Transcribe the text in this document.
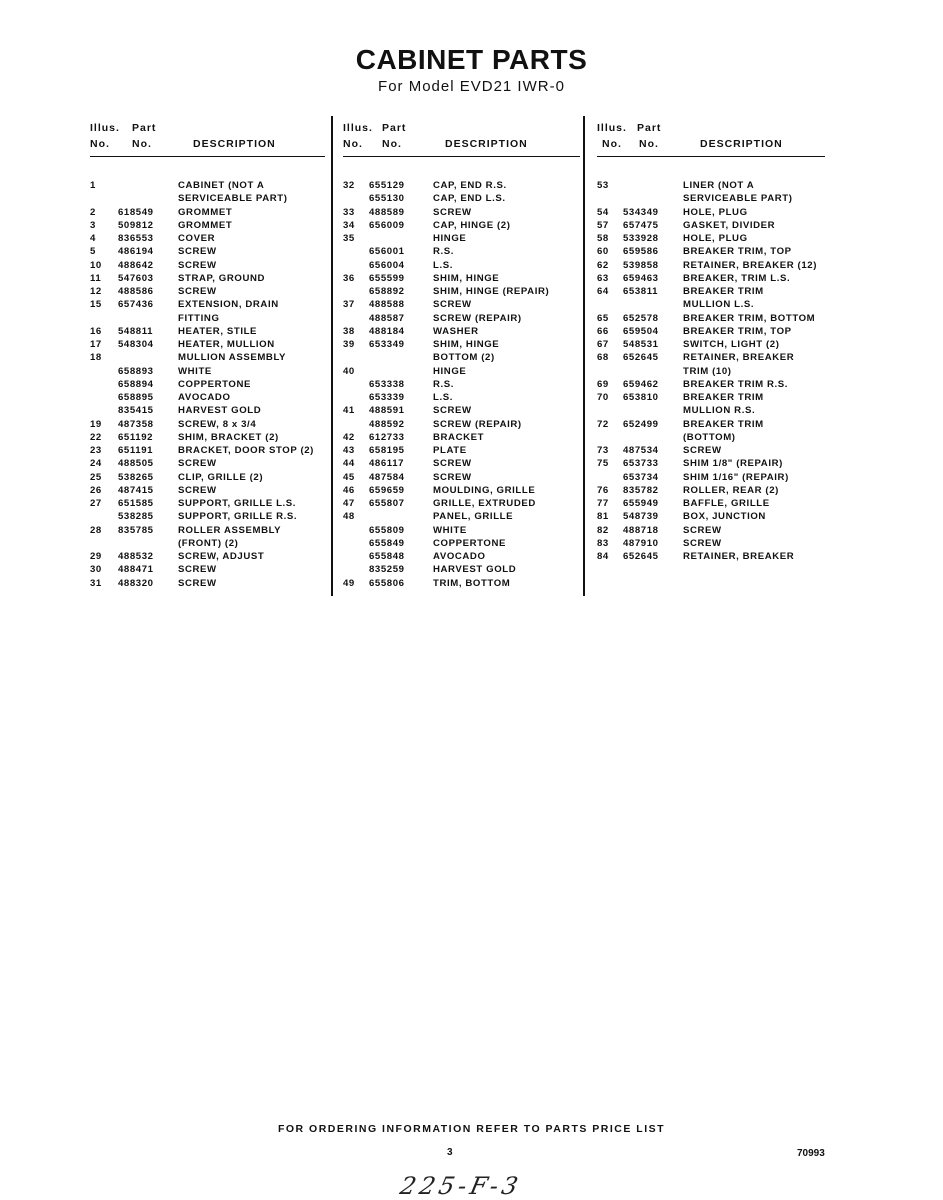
CABINET PARTS
For Model EVD21 IWR-0
Illus. Part
No. No.	DESCRIPTION
1	CABINET (NOT A
SERVICEABLE PART)
2 618549	GROMMET
3 509812	GROMMET
4 836553	COVER
5 486194	SCREW
10 488642	SCREW
11 547603	STRAP, GROUND
12 488586	SCREW
15 657436	EXTENSION, DRAIN
FITTING
16 548811	HEATER, STILE
17 548304	HEATER, MULLION
18	MULLION ASSEMBLY
658893	WHITE
658894	COPPERTONE
658895	AVOCADO
835415	HARVEST GOLD
19 487358	SCREW, 8 x 3/4
22 651192	SHIM, BRACKET (2)
23 651191	BRACKET, DOOR STOP (2)
24 488505	SCREW
25 538265	CLIP, GRILLE (2)
26 487415	SCREW
27 651585	SUPPORT, GRILLE L.S.
538285	SUPPORT, GRILLE R.S.
28 835785	ROLLER ASSEMBLY
(FRONT) (2)
29 488532	SCREW, ADJUST
30 488471	SCREW
31 488320	SCREW
Illus. Part
No. No.	DESCRIPTION
32 655129	CAP, END R.S.
655130	CAP, END L.S.
33 488589	SCREW
34 656009	CAP, HINGE (2)
35	HINGE
656001	R.S.
656004	L.S.
36 655599	SHIM, HINGE
658892	SHIM, HINGE (REPAIR)
37 488588	SCREW
488587	SCREW (REPAIR)
38 488184	WASHER
39 653349	SHIM, HINGE
BOTTOM (2)
40	HINGE
653338	R.S.
653339	L.S.
41 488591	SCREW
488592	SCREW (REPAIR)
42 612733	BRACKET
43 658195	PLATE
44 486117	SCREW
45 487584	SCREW
46 659659	MOULDING, GRILLE
47 655807	GRILLE, EXTRUDED
48	PANEL, GRILLE
655809	WHITE
655849	COPPERTONE
655848	AVOCADO
835259	HARVEST GOLD
49 655806	TRIM, BOTTOM
Illus. Part
No. No.	DESCRIPTION
53	LINER (NOT A
SERVICEABLE PART)
54 534349	HOLE, PLUG
57 657475	GASKET, DIVIDER
58 533928	HOLE, PLUG
60 659586	BREAKER TRIM, TOP
62 539858	RETAINER, BREAKER (12)
63 659463	BREAKER, TRIM L.S.
64 653811	BREAKER TRIM
MULLION L.S.
65 652578	BREAKER TRIM, BOTTOM
66 659504	BREAKER TRIM, TOP
67 548531	SWITCH, LIGHT (2)
68 652645	RETAINER, BREAKER
TRIM (10)
69 659462	BREAKER TRIM R.S.
70 653810	BREAKER TRIM
MULLION R.S.
72 652499	BREAKER TRIM
(BOTTOM)
73 487534	SCREW
75 653733	SHIM 1/8" (REPAIR)
653734	SHIM 1/16" (REPAIR)
76 835782	ROLLER, REAR (2)
77 655949	BAFFLE, GRILLE
81 548739	BOX, JUNCTION
82 488718	SCREW
83 487910	SCREW
84 652645	RETAINER, BREAKER
FOR ORDERING INFORMATION REFER TO PARTS PRICE LIST
3	70993
225-F-3
